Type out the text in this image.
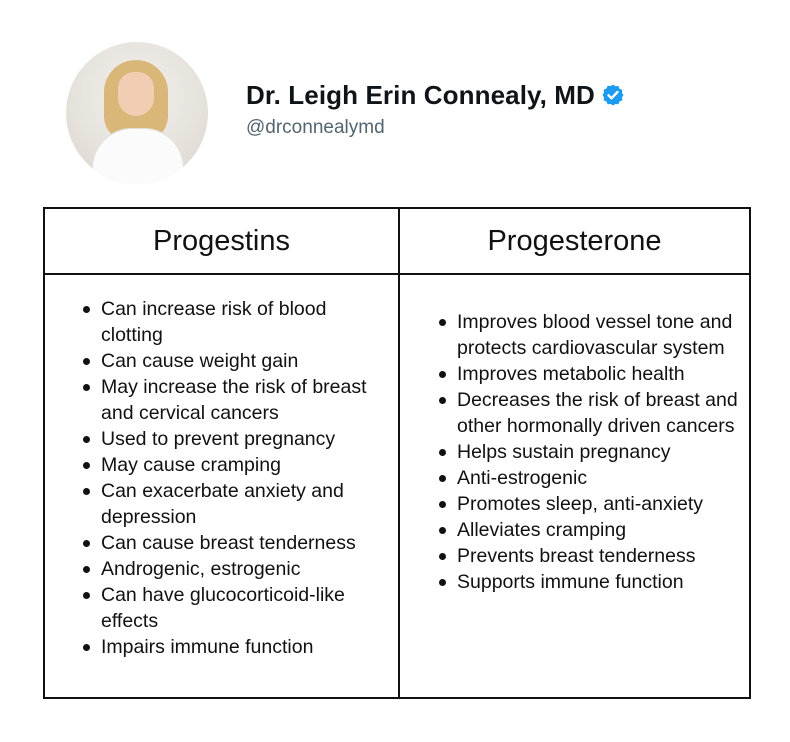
Dr. Leigh Erin Connealy, MD
@drconnealymd
Progestins	Progesterone
Can increase risk of blood clotting
Can cause weight gain
May increase the risk of breast and cervical cancers
Used to prevent pregnancy
May cause cramping
Can exacerbate anxiety and depression
Can cause breast tenderness
Androgenic, estrogenic
Can have glucocorticoid-like effects
Impairs immune function
Improves blood vessel tone and protects cardiovascular system
Improves metabolic health
Decreases the risk of breast and other hormonally driven cancers
Helps sustain pregnancy
Anti-estrogenic
Promotes sleep, anti-anxiety
Alleviates cramping
Prevents breast tenderness
Supports immune function
